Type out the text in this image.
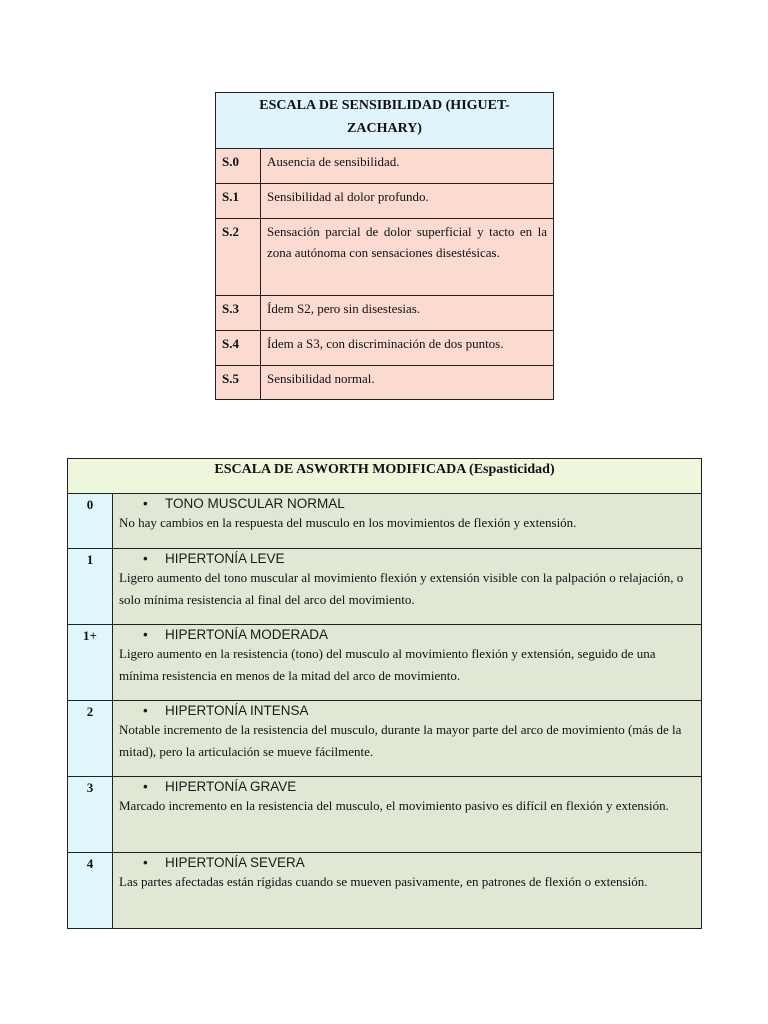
ESCALA DE SENSIBILIDAD (HIGUET-ZACHARY)	
S.0	Ausencia de sensibilidad.
S.1	Sensibilidad al dolor profundo.
S.2	Sensación parcial de dolor superficial y tacto en la zona autónoma con sensaciones disestésicas.
S.3	Ídem S2, pero sin disestesias.
S.4	Ídem a S3, con discriminación de dos puntos.
S.5	Sensibilidad normal.
ESCALA DE ASWORTH MODIFICADA (Espasticidad)	
0	• TONO MUSCULAR NORMAL
No hay cambios en la respuesta del musculo en los movimientos de flexión y extensión.

1	• HIPERTONÍA LEVE
Ligero aumento del tono muscular al movimiento flexión y extensión visible con la palpación o relajación, o solo mínima resistencia al final del arco del movimiento.

1+	• HIPERTONÍA MODERADA
Ligero aumento en la resistencia (tono) del musculo al movimiento flexión y extensión, seguido de una mínima resistencia en menos de la mitad del arco de movimiento.

2	• HIPERTONÍA INTENSA
Notable incremento de la resistencia del musculo, durante la mayor parte del arco de movimiento (más de la mitad), pero la articulación se mueve fácilmente.

3	• HIPERTONÍA GRAVE
Marcado incremento en la resistencia del musculo, el movimiento pasivo es difícil en flexión y extensión.

4	• HIPERTONÍA SEVERA
Las partes afectadas están rígidas cuando se mueven pasivamente, en patrones de flexión o extensión.
